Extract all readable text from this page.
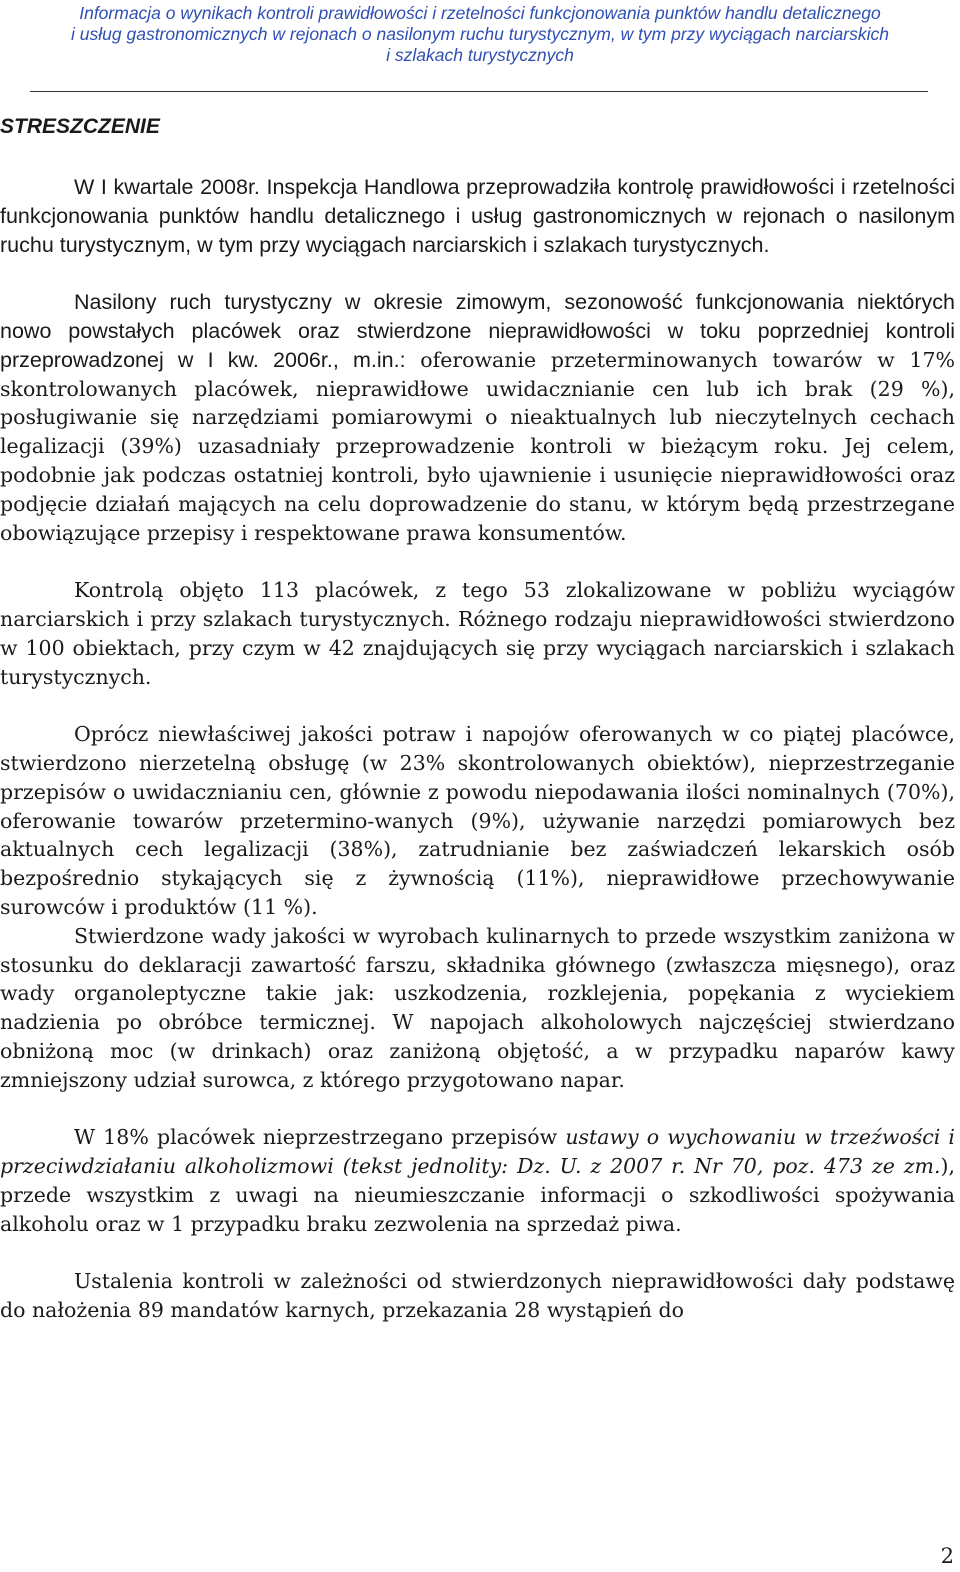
Informacja o wynikach kontroli prawidłowości i rzetelności funkcjonowania punktów handlu detalicznego
i usług gastronomicznych w rejonach o nasilonym ruchu turystycznym, w tym przy wyciągach narciarskich
i szlakach turystycznych
STRESZCZENIE

W I kwartale 2008r. Inspekcja Handlowa przeprowadziła kontrolę prawidłowości i rzetelności funkcjonowania punktów handlu detalicznego i usług gastronomicznych w rejonach o nasilonym ruchu turystycznym, w tym przy wyciągach narciarskich i szlakach turystycznych.

Nasilony ruch turystyczny w okresie zimowym, sezonowość funkcjonowania niektórych nowo powstałych placówek oraz stwierdzone nieprawidłowości w toku poprzedniej kontroli przeprowadzonej w I kw. 2006r., m.in.: oferowanie przeterminowanych towarów w 17% skontrolowanych placówek, nieprawidłowe uwidacznianie cen lub ich brak (29 %), posługiwanie się narzędziami pomiarowymi o nieaktualnych lub nieczytelnych cechach legalizacji (39%) uzasadniały przeprowadzenie kontroli w bieżącym roku. Jej celem, podobnie jak podczas ostatniej kontroli, było ujawnienie i usunięcie nieprawidłowości oraz podjęcie działań mających na celu doprowadzenie do stanu, w którym będą przestrzegane obowiązujące przepisy i respektowane prawa konsumentów.

Kontrolą objęto 113 placówek, z tego 53 zlokalizowane w pobliżu wyciągów narciarskich i przy szlakach turystycznych. Różnego rodzaju nieprawidłowości stwierdzono w 100 obiektach, przy czym w 42 znajdujących się przy wyciągach narciarskich i szlakach turystycznych.

Oprócz niewłaściwej jakości potraw i napojów oferowanych w co piątej placówce, stwierdzono nierzetelną obsługę (w 23% skontrolowanych obiektów), nieprzestrzeganie przepisów o uwidacznianiu cen, głównie z powodu niepodawania ilości nominalnych (70%), oferowanie towarów przetermino-wanych (9%), używanie narzędzi pomiarowych bez aktualnych cech legalizacji (38%), zatrudnianie bez zaświadczeń lekarskich osób bezpośrednio stykających się z żywnością (11%), nieprawidłowe przechowywanie surowców i produktów (11 %).

Stwierdzone wady jakości w wyrobach kulinarnych to przede wszystkim zaniżona w stosunku do deklaracji zawartość farszu, składnika głównego (zwłaszcza mięsnego), oraz wady organoleptyczne takie jak: uszkodzenia, rozklejenia, popękania z wyciekiem nadzienia po obróbce termicznej. W napojach alkoholowych najczęściej stwierdzano obniżoną moc (w drinkach) oraz zaniżoną objętość, a w przypadku naparów kawy zmniejszony udział surowca, z którego przygotowano napar.

W 18% placówek nieprzestrzegano przepisów ustawy o wychowaniu w trzeźwości i przeciwdziałaniu alkoholizmowi (tekst jednolity: Dz. U. z 2007 r. Nr 70, poz. 473 ze zm.), przede wszystkim z uwagi na nieumieszczanie informacji o szkodliwości spożywania alkoholu oraz w 1 przypadku braku zezwolenia na sprzedaż piwa.

Ustalenia kontroli w zależności od stwierdzonych nieprawidłowości dały podstawę do nałożenia 89 mandatów karnych, przekazania 28 wystąpień do

2
